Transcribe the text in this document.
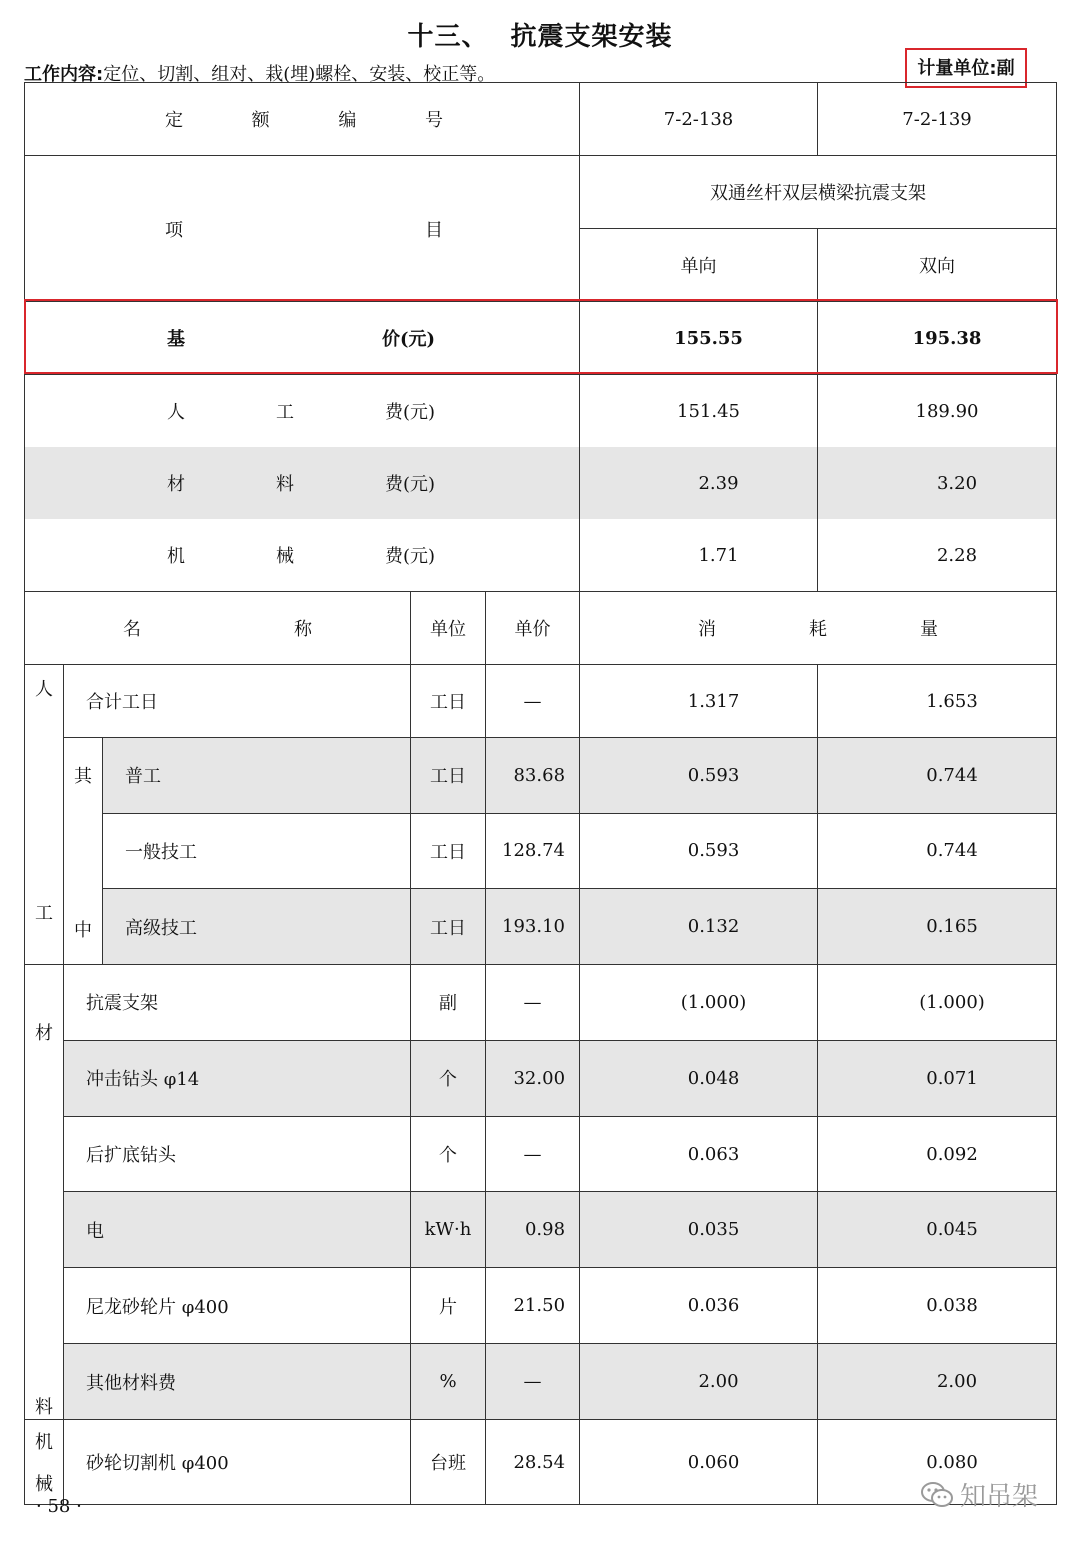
十三、 抗震支架安装
工作内容:定位、切割、组对、栽(埋)螺栓、安装、校正等。	计量单位:副
定 额 编 号					7-2-138	7-2-139

项 目					双通丝杆双层横梁抗震支架	
					单向	双向

基 价(元)					155.55	195.38

人 工 费(元)					151.45	189.90

材 料 费(元)					2.39	3.20

机 械 费(元)					1.71	2.28

名 称			单位	单价	消 耗 量	

人
工	合计工日		工日	—	1.317	1.653

	其
中	普工	工日	83.68	0.593	0.744
		一般技工	工日	128.74	0.593	0.744
		高级技工	工日	193.10	0.132	0.165

材
料	抗震支架		副	—	(1.000)	(1.000)
	冲击钻头 φ14		个	32.00	0.048	0.071
	后扩底钻头		个	—	0.063	0.092
	电		kW·h	0.98	0.035	0.045
	尼龙砂轮片 φ400		片	21.50	0.036	0.038
	其他材料费		%	—	2.00	2.00

机
械	砂轮切割机 φ400		台班	28.54	0.060	0.080
· 58 ·	知吊架
